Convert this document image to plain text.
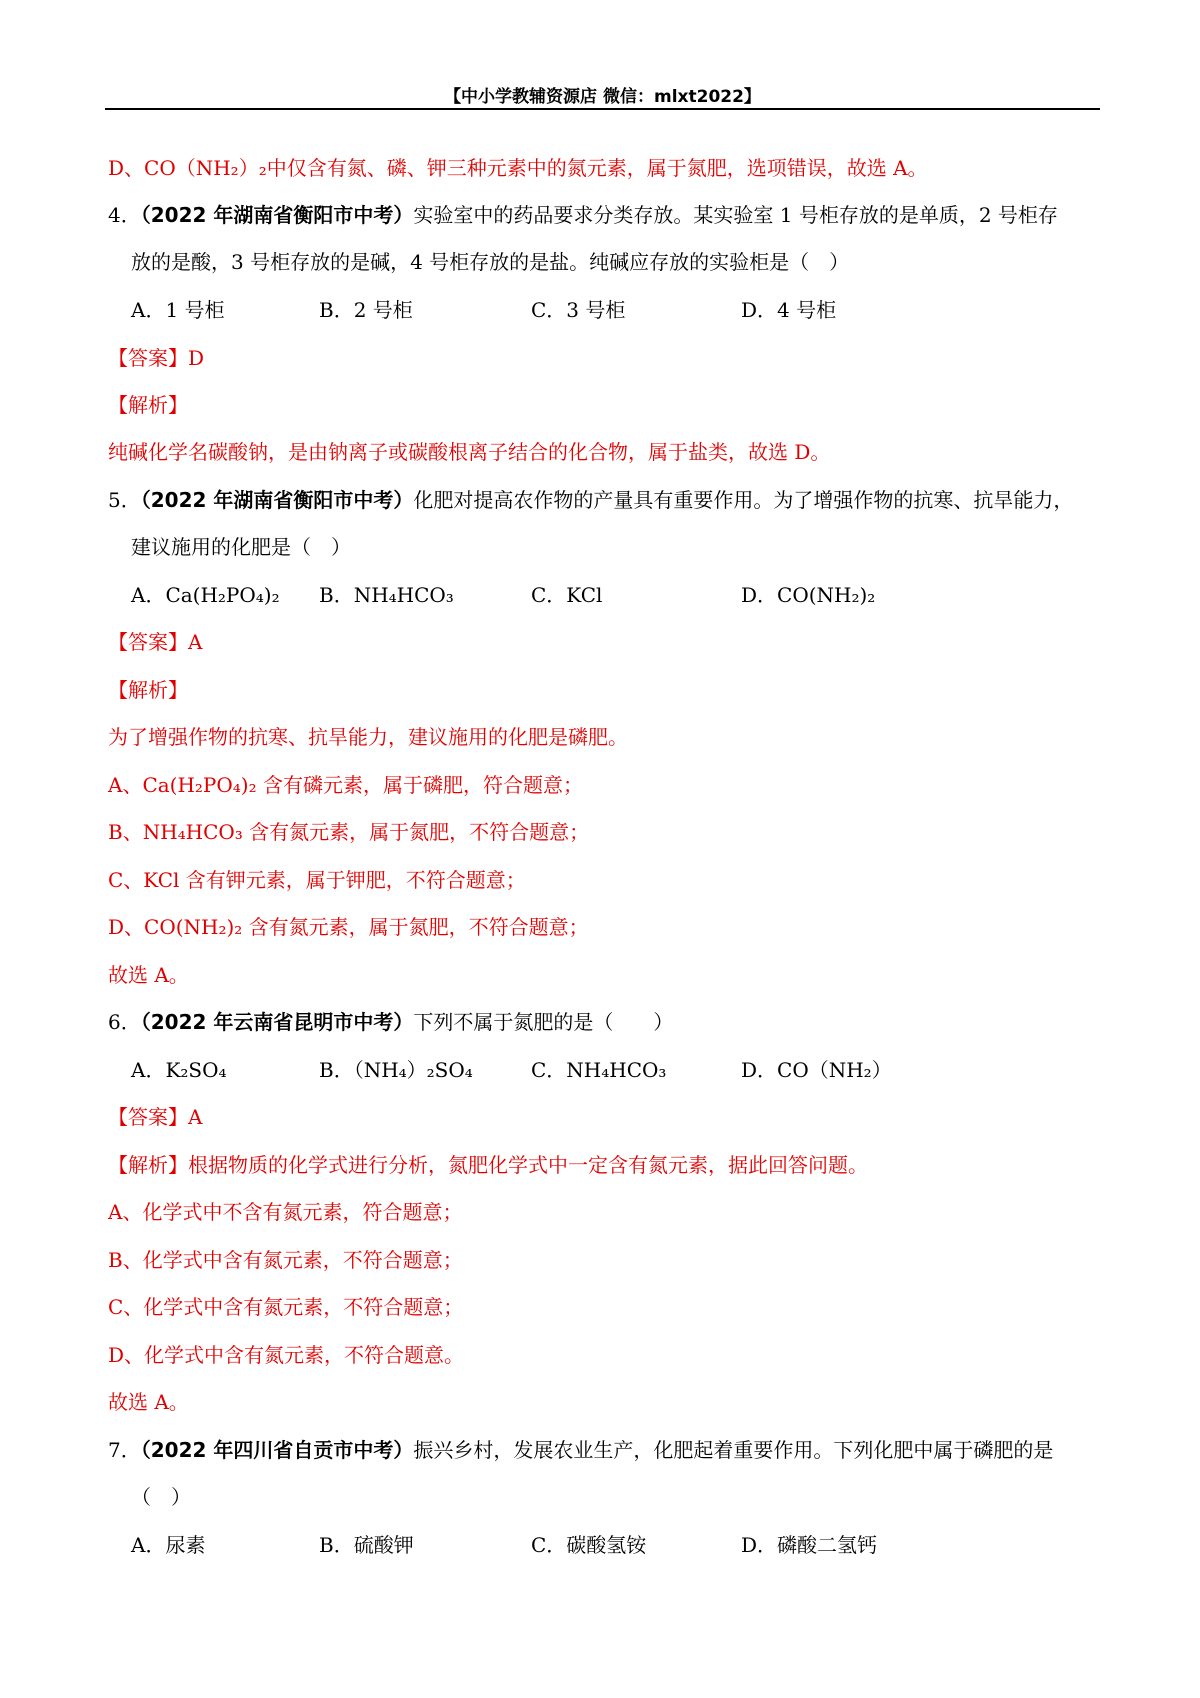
【中小学教辅资源店 微信：mlxt2022】
D、CO（NH₂）₂中仅含有氮、磷、钾三种元素中的氮元素，属于氮肥，选项错误，故选 A。
4．（2022 年湖南省衡阳市中考）实验室中的药品要求分类存放。某实验室 1 号柜存放的是单质，2 号柜存
放的是酸，3 号柜存放的是碱，4 号柜存放的是盐。纯碱应存放的实验柜是（　）
A．1 号柜	B．2 号柜	C．3 号柜	D．4 号柜
【答案】D
【解析】
纯碱化学名碳酸钠，是由钠离子或碳酸根离子结合的化合物，属于盐类，故选 D。
5．（2022 年湖南省衡阳市中考）化肥对提高农作物的产量具有重要作用。为了增强作物的抗寒、抗旱能力，
建议施用的化肥是（　）
A．Ca(H₂PO₄)₂ B．NH₄HCO₃	C．KCl	D．CO(NH₂)₂
【答案】A
【解析】
为了增强作物的抗寒、抗旱能力，建议施用的化肥是磷肥。
A、Ca(H₂PO₄)₂ 含有磷元素，属于磷肥，符合题意；
B、NH₄HCO₃ 含有氮元素，属于氮肥，不符合题意；
C、KCl 含有钾元素，属于钾肥，不符合题意；
D、CO(NH₂)₂ 含有氮元素，属于氮肥，不符合题意；
故选 A。
6．（2022 年云南省昆明市中考）下列不属于氮肥的是（　　）
A．K₂SO₄	B．（NH₄）₂SO₄	C．NH₄HCO₃	D．CO（NH₂）
【答案】A
【解析】根据物质的化学式进行分析，氮肥化学式中一定含有氮元素，据此回答问题。
A、化学式中不含有氮元素，符合题意；
B、化学式中含有氮元素，不符合题意；
C、化学式中含有氮元素，不符合题意；
D、化学式中含有氮元素，不符合题意。
故选 A。
7．（2022 年四川省自贡市中考）振兴乡村，发展农业生产，化肥起着重要作用。下列化肥中属于磷肥的是
（　）
A．尿素	B．硫酸钾	C．碳酸氢铵	D．磷酸二氢钙
